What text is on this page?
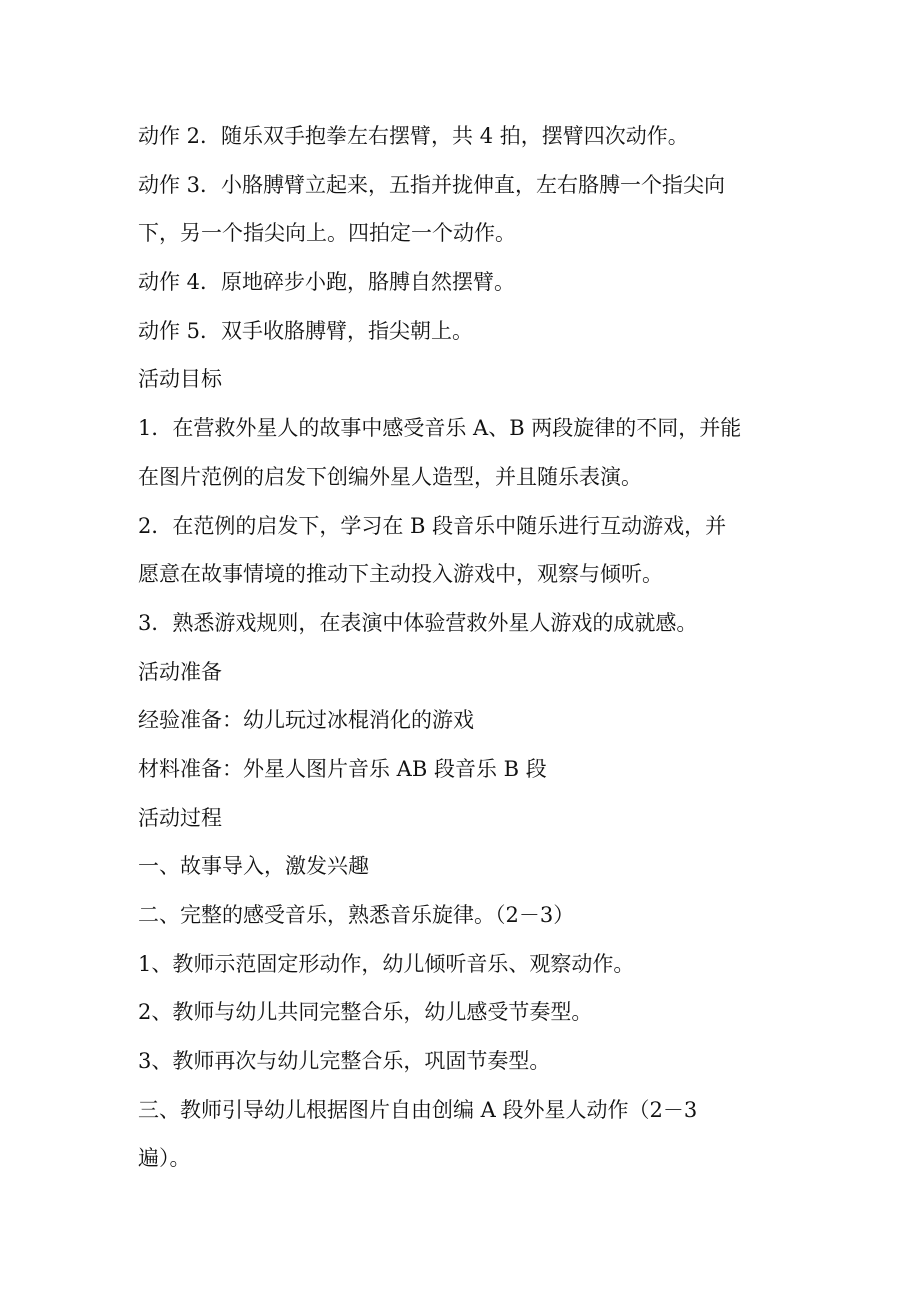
动作 2．随乐双手抱拳左右摆臂，共 4 拍，摆臂四次动作。
动作 3．小胳膊臂立起来，五指并拢伸直，左右胳膊一个指尖向
下，另一个指尖向上。四拍定一个动作。
动作 4．原地碎步小跑，胳膊自然摆臂。
动作 5．双手收胳膊臂，指尖朝上。
活动目标
1．在营救外星人的故事中感受音乐 A、B 两段旋律的不同，并能
在图片范例的启发下创编外星人造型，并且随乐表演。
2．在范例的启发下，学习在 B 段音乐中随乐进行互动游戏，并
愿意在故事情境的推动下主动投入游戏中，观察与倾听。
3．熟悉游戏规则，在表演中体验营救外星人游戏的成就感。
活动准备
经验准备：幼儿玩过冰棍消化的游戏
材料准备：外星人图片音乐 AB 段音乐 B 段
活动过程
一、故事导入，激发兴趣
二、完整的感受音乐，熟悉音乐旋律。（2－3）
1、教师示范固定形动作，幼儿倾听音乐、观察动作。
2、教师与幼儿共同完整合乐，幼儿感受节奏型。
3、教师再次与幼儿完整合乐，巩固节奏型。
三、教师引导幼儿根据图片自由创编 A 段外星人动作（2－3
遍）。
